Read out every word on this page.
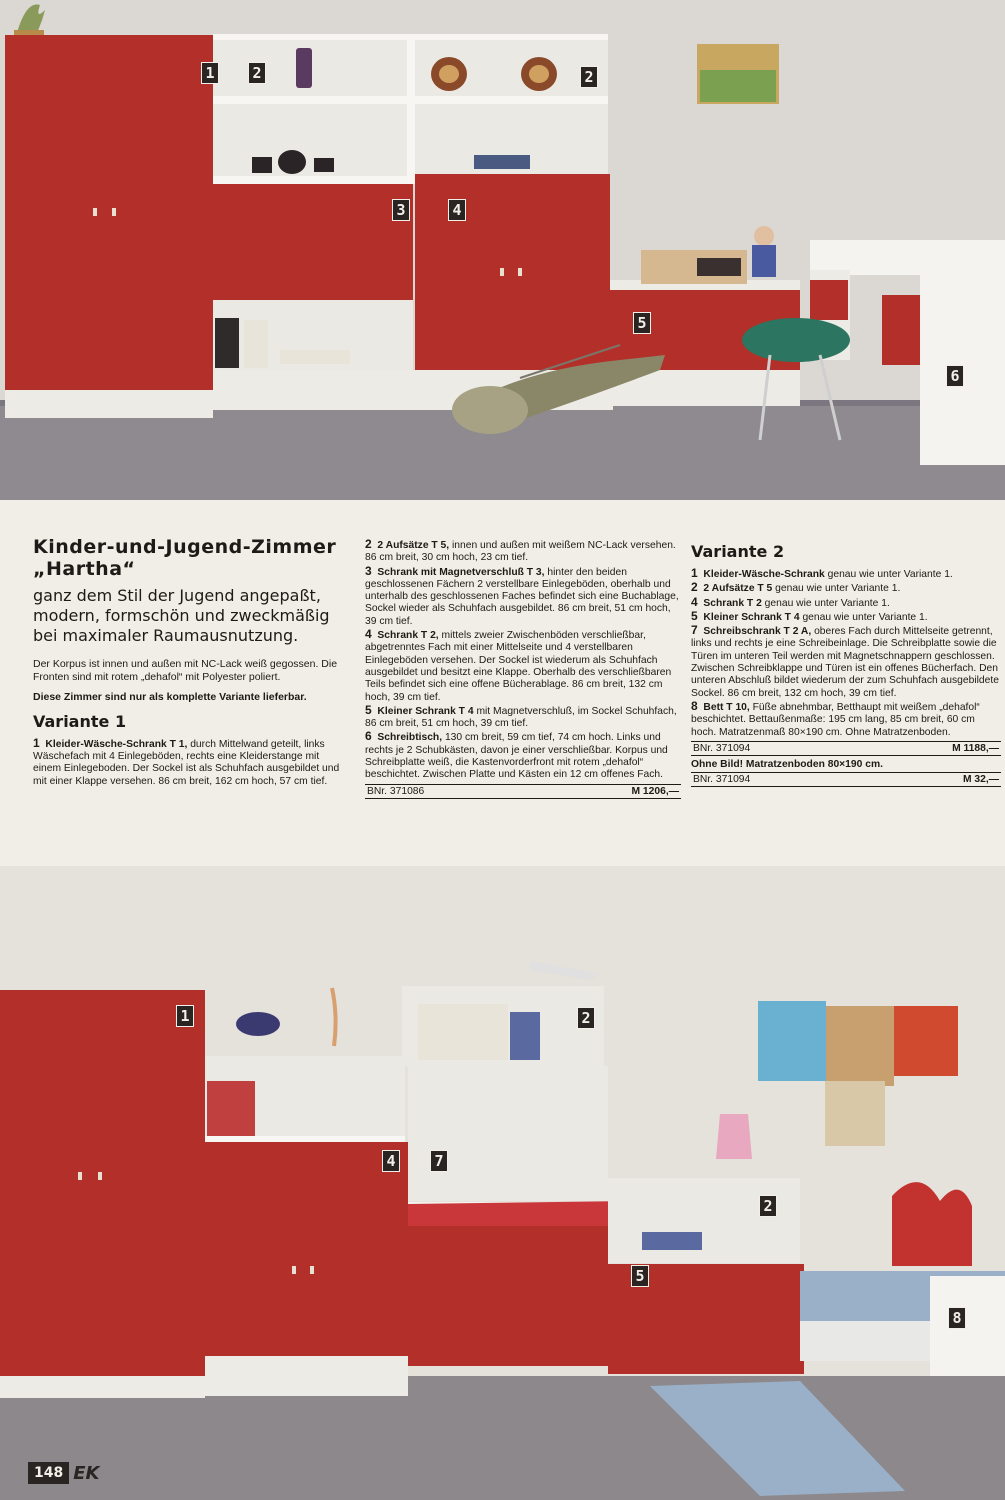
1	2	2
3	4
5
6

Kinder-und-Jugend-Zimmer „Hartha“

ganz dem Stil der Jugend angepaßt,
modern, formschön und zweckmäßig
bei maximaler Raumausnutzung.

Der Korpus ist innen und außen mit NC-Lack weiß gegossen. Die Fronten sind mit rotem „dehafol“ mit Polyester poliert.

Diese Zimmer sind nur als komplette Variante lieferbar.

Variante 1

1 Kleider-Wäsche-Schrank T 1, durch Mittelwand geteilt, links Wäschefach mit 4 Einlegeböden, rechts eine Kleiderstange mit einem Einlegeboden. Der Sockel ist als Schuhfach ausgebildet und mit einer Klappe versehen. 86 cm breit, 162 cm hoch, 57 cm tief.

2 2 Aufsätze T 5, innen und außen mit weißem NC-Lack versehen. 86 cm breit, 30 cm hoch, 23 cm tief.

3 Schrank mit Magnetverschluß T 3, hinter den beiden geschlossenen Fächern 2 verstellbare Einlegeböden, oberhalb und unterhalb des geschlossenen Faches befindet sich eine Buchablage, Sockel wieder als Schuhfach ausgebildet. 86 cm breit, 51 cm hoch, 39 cm tief.

4 Schrank T 2, mittels zweier Zwischenböden verschließbar, abgetrenntes Fach mit einer Mittelseite und 4 verstellbaren Einlegeböden versehen. Der Sockel ist wiederum als Schuhfach ausgebildet und besitzt eine Klappe. Oberhalb des verschließbaren Teils befindet sich eine offene Bücherablage. 86 cm breit, 132 cm hoch, 39 cm tief.

5 Kleiner Schrank T 4 mit Magnetverschluß, im Sockel Schuhfach, 86 cm breit, 51 cm hoch, 39 cm tief.

6 Schreibtisch, 130 cm breit, 59 cm tief, 74 cm hoch. Links und rechts je 2 Schubkästen, davon je einer verschließbar. Korpus und Schreibplatte weiß, die Kastenvorderfront mit rotem „dehafol“ beschichtet. Zwischen Platte und Kästen ein 12 cm offenes Fach.

BNr. 371086	M 1206,—

Variante 2

1 Kleider-Wäsche-Schrank genau wie unter Variante 1.

2 2 Aufsätze T 5 genau wie unter Variante 1.

4 Schrank T 2 genau wie unter Variante 1.

5 Kleiner Schrank T 4 genau wie unter Variante 1.

7 Schreibschrank T 2 A, oberes Fach durch Mittelseite getrennt, links und rechts je eine Schreibeinlage. Die Schreibplatte sowie die Türen im unteren Teil werden mit Magnetschnappern geschlossen. Zwischen Schreibklappe und Türen ist ein offenes Bücherfach. Den unteren Abschluß bildet wiederum der zum Schuhfach ausgebildete Sockel. 86 cm breit, 132 cm hoch, 39 cm tief.

8 Bett T 10, Füße abnehmbar, Betthaupt mit weißem „dehafol“ beschichtet. Bettaußenmaße: 195 cm lang, 85 cm breit, 60 cm hoch. Matratzenmaß 80×190 cm. Ohne Matratzenboden.

BNr. 371094	M 1188,—
Ohne Bild! Matratzenboden 80×190 cm.
BNr. 371094	M 32,—
1	2
4	7
2
5
8
148 EK
